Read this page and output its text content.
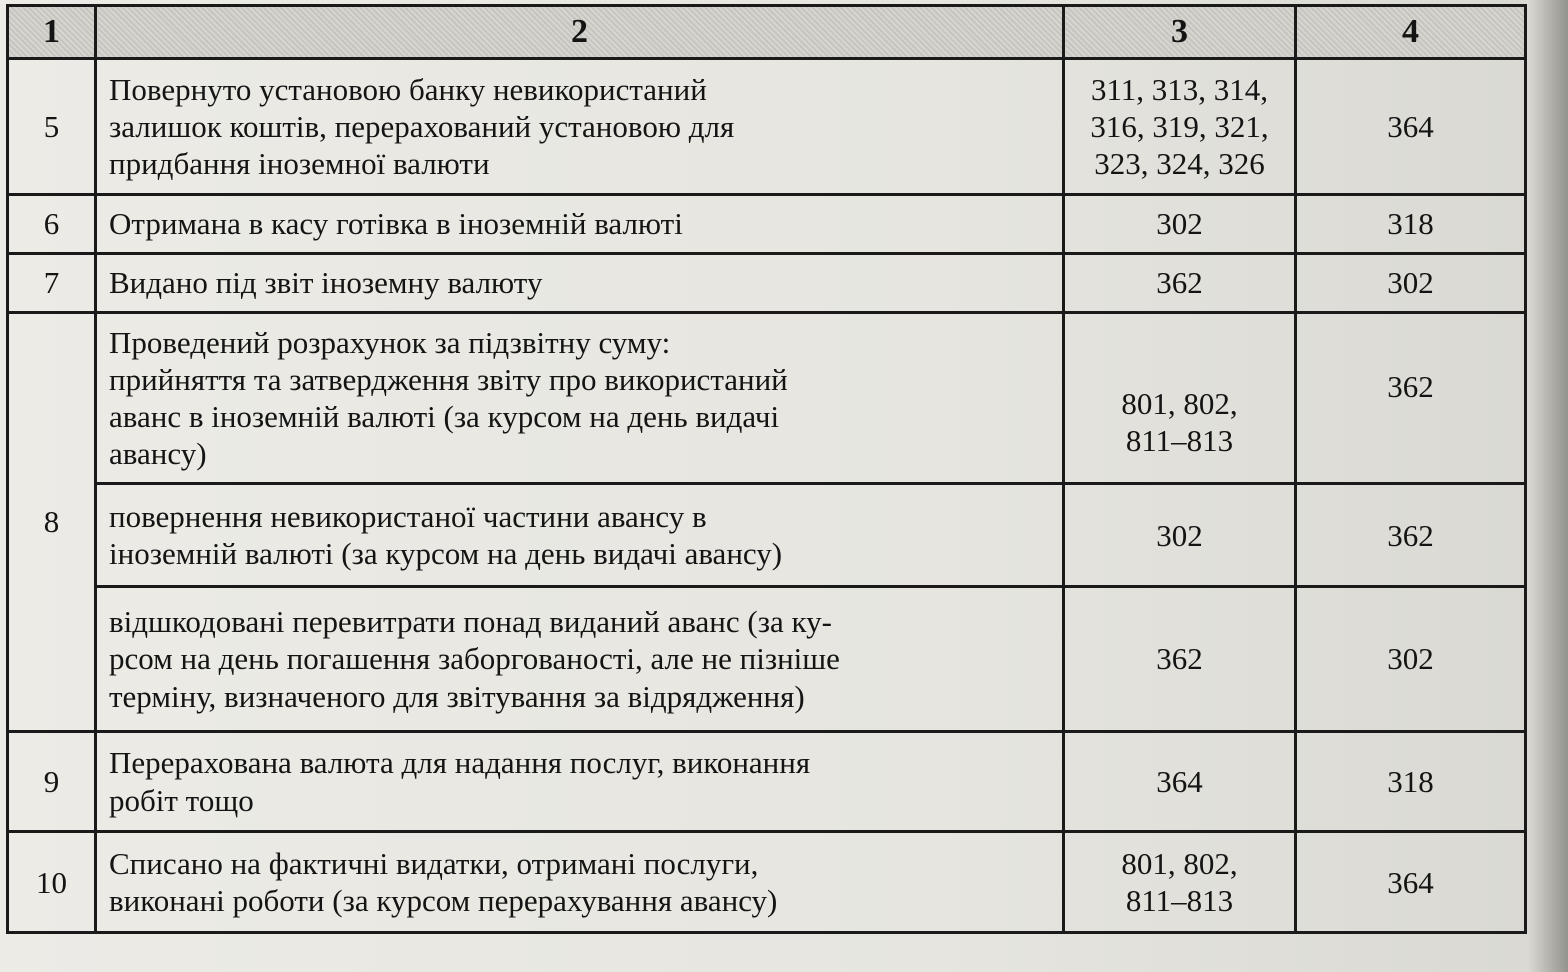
1	2	3	4
5	Повернуто установою банку невикористаний
залишок коштів, перерахований установою для
придбання іноземної валюти	311, 313, 314,
316, 319, 321,
323, 324, 326	364
6	Отримана в касу готівка в іноземній валюті	302	318
7	Видано під звіт іноземну валюту	362	302
8	Проведений розрахунок за підзвітну суму:
прийняття та затвердження звіту про використаний
аванс в іноземній валюті (за курсом на день видачі
авансу)	801, 802,
811–813	362

	повернення невикористаної частини авансу в
іноземній валюті (за курсом на день видачі авансу)	302	362

	відшкодовані перевитрати понад виданий аванс (за ку-
рсом на день погашення заборгованості, але не пізніше
терміну, визначеного для звітування за відрядження)	362	302
9	Перерахована валюта для надання послуг, виконання
робіт тощо	364	318
10	Списано на фактичні видатки, отримані послуги,
виконані роботи (за курсом перерахування авансу)	801, 802,
811–813	364
